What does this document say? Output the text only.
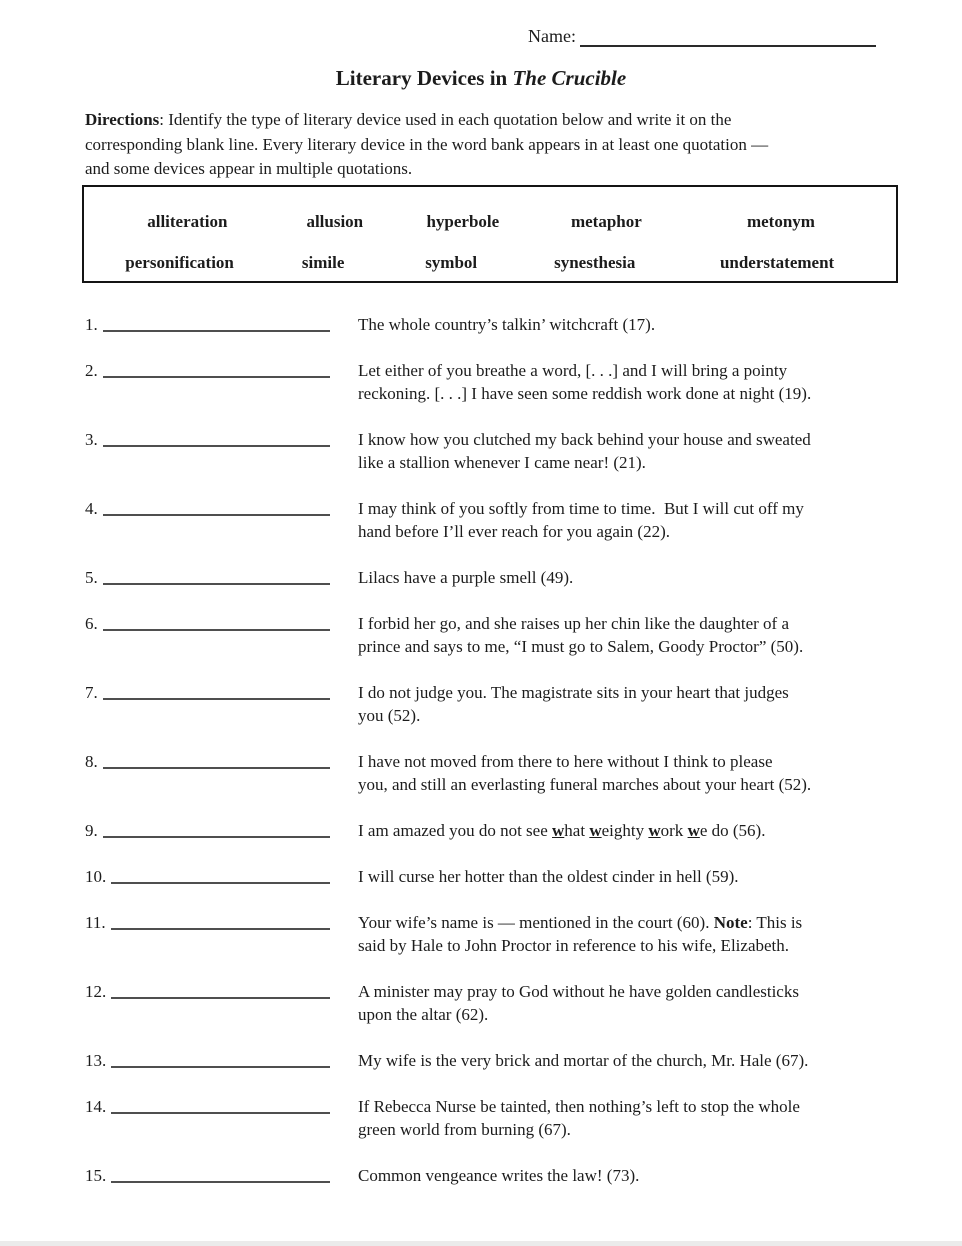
Name:
Literary Devices in The Crucible
Directions: Identify the type of literary device used in each quotation below and write it on the
corresponding blank line. Every literary device in the word bank appears in at least one quotation —
and some devices appear in multiple quotations.
alliteration	allusion	hyperbole	metaphor	metonym
personification	simile	symbol	synesthesia	understatement
1.	The whole country’s talkin’ witchcraft (17).
2.	Let either of you breathe a word, [. . .] and I will bring a pointy
reckoning. [. . .] I have seen some reddish work done at night (19).
3.	I know how you clutched my back behind your house and sweated
like a stallion whenever I came near! (21).
4.	I may think of you softly from time to time.  But I will cut off my
hand before I’ll ever reach for you again (22).
5.	Lilacs have a purple smell (49).
6.	I forbid her go, and she raises up her chin like the daughter of a
prince and says to me, “I must go to Salem, Goody Proctor” (50).
7.	I do not judge you. The magistrate sits in your heart that judges
you (52).
8.	I have not moved from there to here without I think to please
you, and still an everlasting funeral marches about your heart (52).
9.	I am amazed you do not see what weighty work we do (56).
10.	I will curse her hotter than the oldest cinder in hell (59).
11.	Your wife’s name is — mentioned in the court (60). Note: This is
said by Hale to John Proctor in reference to his wife, Elizabeth.
12.	A minister may pray to God without he have golden candlesticks
upon the altar (62).
13.	My wife is the very brick and mortar of the church, Mr. Hale (67).
14.	If Rebecca Nurse be tainted, then nothing’s left to stop the whole
green world from burning (67).
15.	Common vengeance writes the law! (73).
